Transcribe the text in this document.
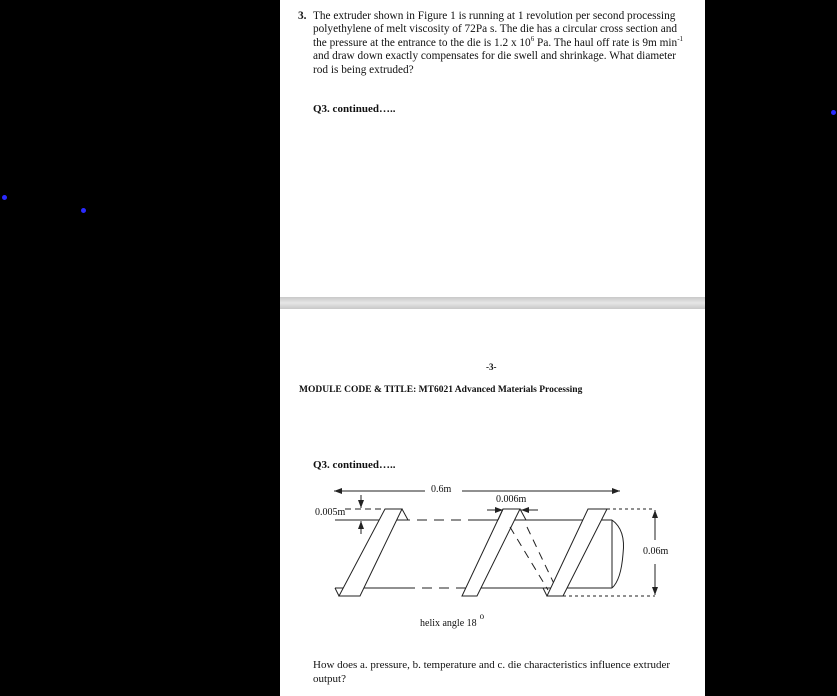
3. The extruder shown in Figure 1 is running at 1 revolution per second processing polyethylene of melt viscosity of 72Pa s. The die has a circular cross section and the pressure at the entrance to the die is 1.2 x $10^6$ Pa. The haul off rate is 9m $\min^{-1}$ and draw down exactly compensates for die swell and shrinkage. What diameter rod is being extruded?
Q3. continued…..
-3-
MODULE CODE & TITLE: MT6021 Advanced Materials Processing
Q3. continued…..
How does a. pressure, b. temperature and c. die characteristics influence extruder output?
0.6m
0.005m
0.006m
0.06m
helix angle 18o
